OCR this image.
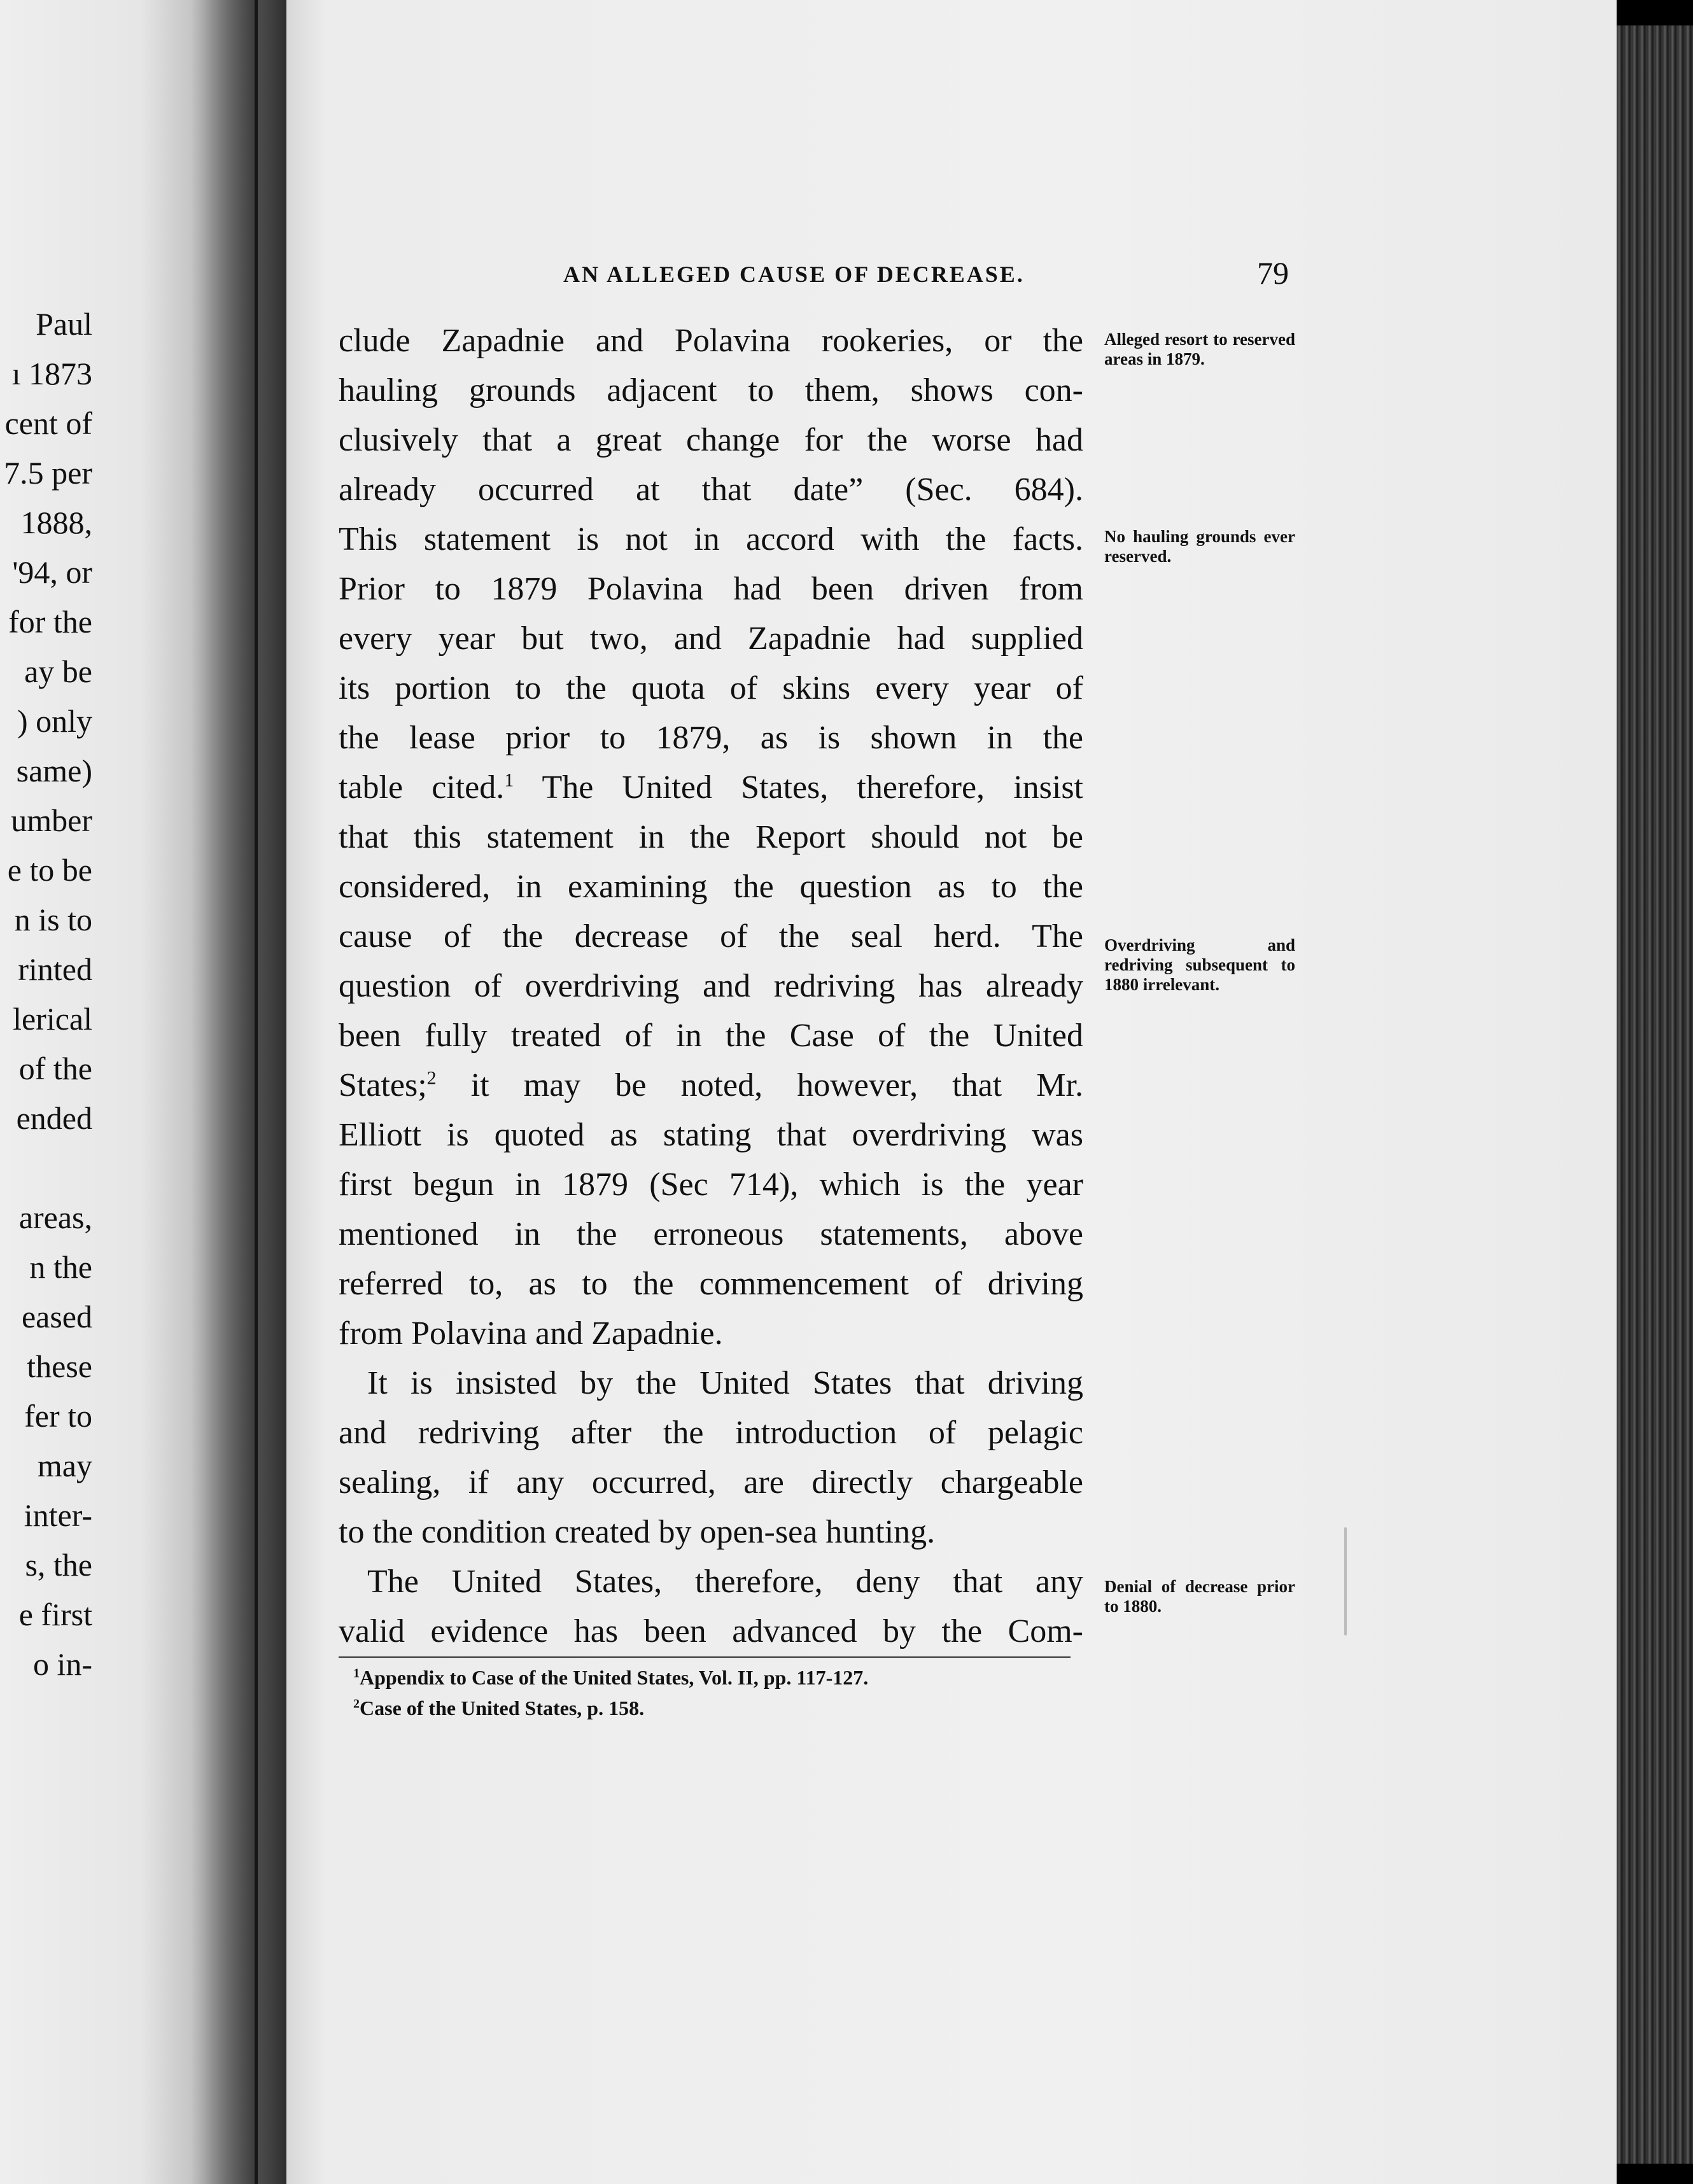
Paul
ı 1873
cent of
7.5 per
1888,
'94, or
for the
ay be
) only
same)
umber
e to be
n is to
rinted
lerical
of the
ended
areas,
n the
eased
these
fer to
may
inter-
s, the
e first
o in-
AN ALLEGED CAUSE OF DECREASE.	79
clude Zapadnie and Polavina rookeries, or the
hauling grounds adjacent to them, shows con-
clusively that a great change for the worse had
already occurred at that date” (Sec. 684).
This statement is not in accord with the facts.
Prior to 1879 Polavina had been driven from
every year but two, and Zapadnie had supplied
its portion to the quota of skins every year of
the lease prior to 1879, as is shown in the
table cited.$^1$ The United States, therefore, insist
that this statement in the Report should not be
considered, in examining the question as to the
cause of the decrease of the seal herd. The
question of overdriving and redriving has already
been fully treated of in the Case of the United
States;$^2$ it may be noted, however, that Mr.
Elliott is quoted as stating that overdriving was
first begun in 1879 (Sec 714), which is the year
mentioned in the erroneous statements, above
referred to, as to the commencement of driving
from Polavina and Zapadnie.
It is insisted by the United States that driving
and redriving after the introduction of pelagic
sealing, if any occurred, are directly chargeable
to the condition created by open-sea hunting.
The United States, therefore, deny that any
valid evidence has been advanced by the Com-
Alleged resort to reserved areas in 1879.
No hauling grounds ever reserved.
Overdriving and redriving subsequent to 1880 irrelevant.
Denial of decrease prior to 1880.
$^1$Appendix to Case of the United States, Vol. II, pp. 117-127.
$^2$Case of the United States, p. 158.
